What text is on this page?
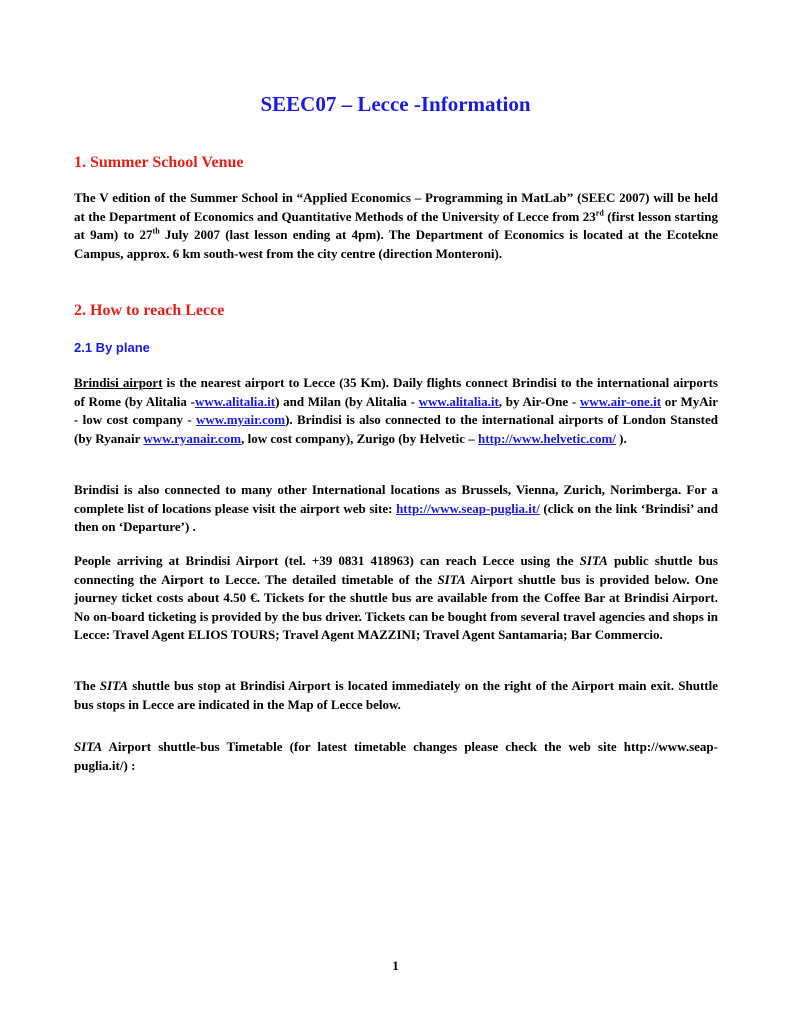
SEEC07 – Lecce -Information
1. Summer School Venue

The V edition of the Summer School in “Applied Economics – Programming in MatLab” (SEEC 2007) will be held at the Department of Economics and Quantitative Methods of the University of Lecce from 23rd (first lesson starting at 9am) to 27th July 2007 (last lesson ending at 4pm). The Department of Economics is located at the Ecotekne Campus, approx. 6 km south-west from the city centre (direction Monteroni).

2. How to reach Lecce
2.1 By plane

Brindisi airport is the nearest airport to Lecce (35 Km). Daily flights connect Brindisi to the international airports of Rome (by Alitalia -www.alitalia.it) and Milan (by Alitalia - www.alitalia.it, by Air-One - www.air-one.it or MyAir - low cost company - www.myair.com). Brindisi is also connected to the international airports of London Stansted (by Ryanair www.ryanair.com, low cost company), Zurigo (by Helvetic – http://www.helvetic.com/ ).

Brindisi is also connected to many other International locations as Brussels, Vienna, Zurich, Norimberga. For a complete list of locations please visit the airport web site: http://www.seap-puglia.it/ (click on the link ‘Brindisi’ and then on ‘Departure’) .

People arriving at Brindisi Airport (tel. +39 0831 418963) can reach Lecce using the SITA public shuttle bus connecting the Airport to Lecce. The detailed timetable of the SITA Airport shuttle bus is provided below. One journey ticket costs about 4.50 €. Tickets for the shuttle bus are available from the Coffee Bar at Brindisi Airport. No on-board ticketing is provided by the bus driver. Tickets can be bought from several travel agencies and shops in Lecce: Travel Agent ELIOS TOURS; Travel Agent MAZZINI; Travel Agent Santamaria; Bar Commercio.

The SITA shuttle bus stop at Brindisi Airport is located immediately on the right of the Airport main exit. Shuttle bus stops in Lecce are indicated in the Map of Lecce below.

SITA Airport shuttle-bus Timetable (for latest timetable changes please check the web site http://www.seap-puglia.it/) :

1
